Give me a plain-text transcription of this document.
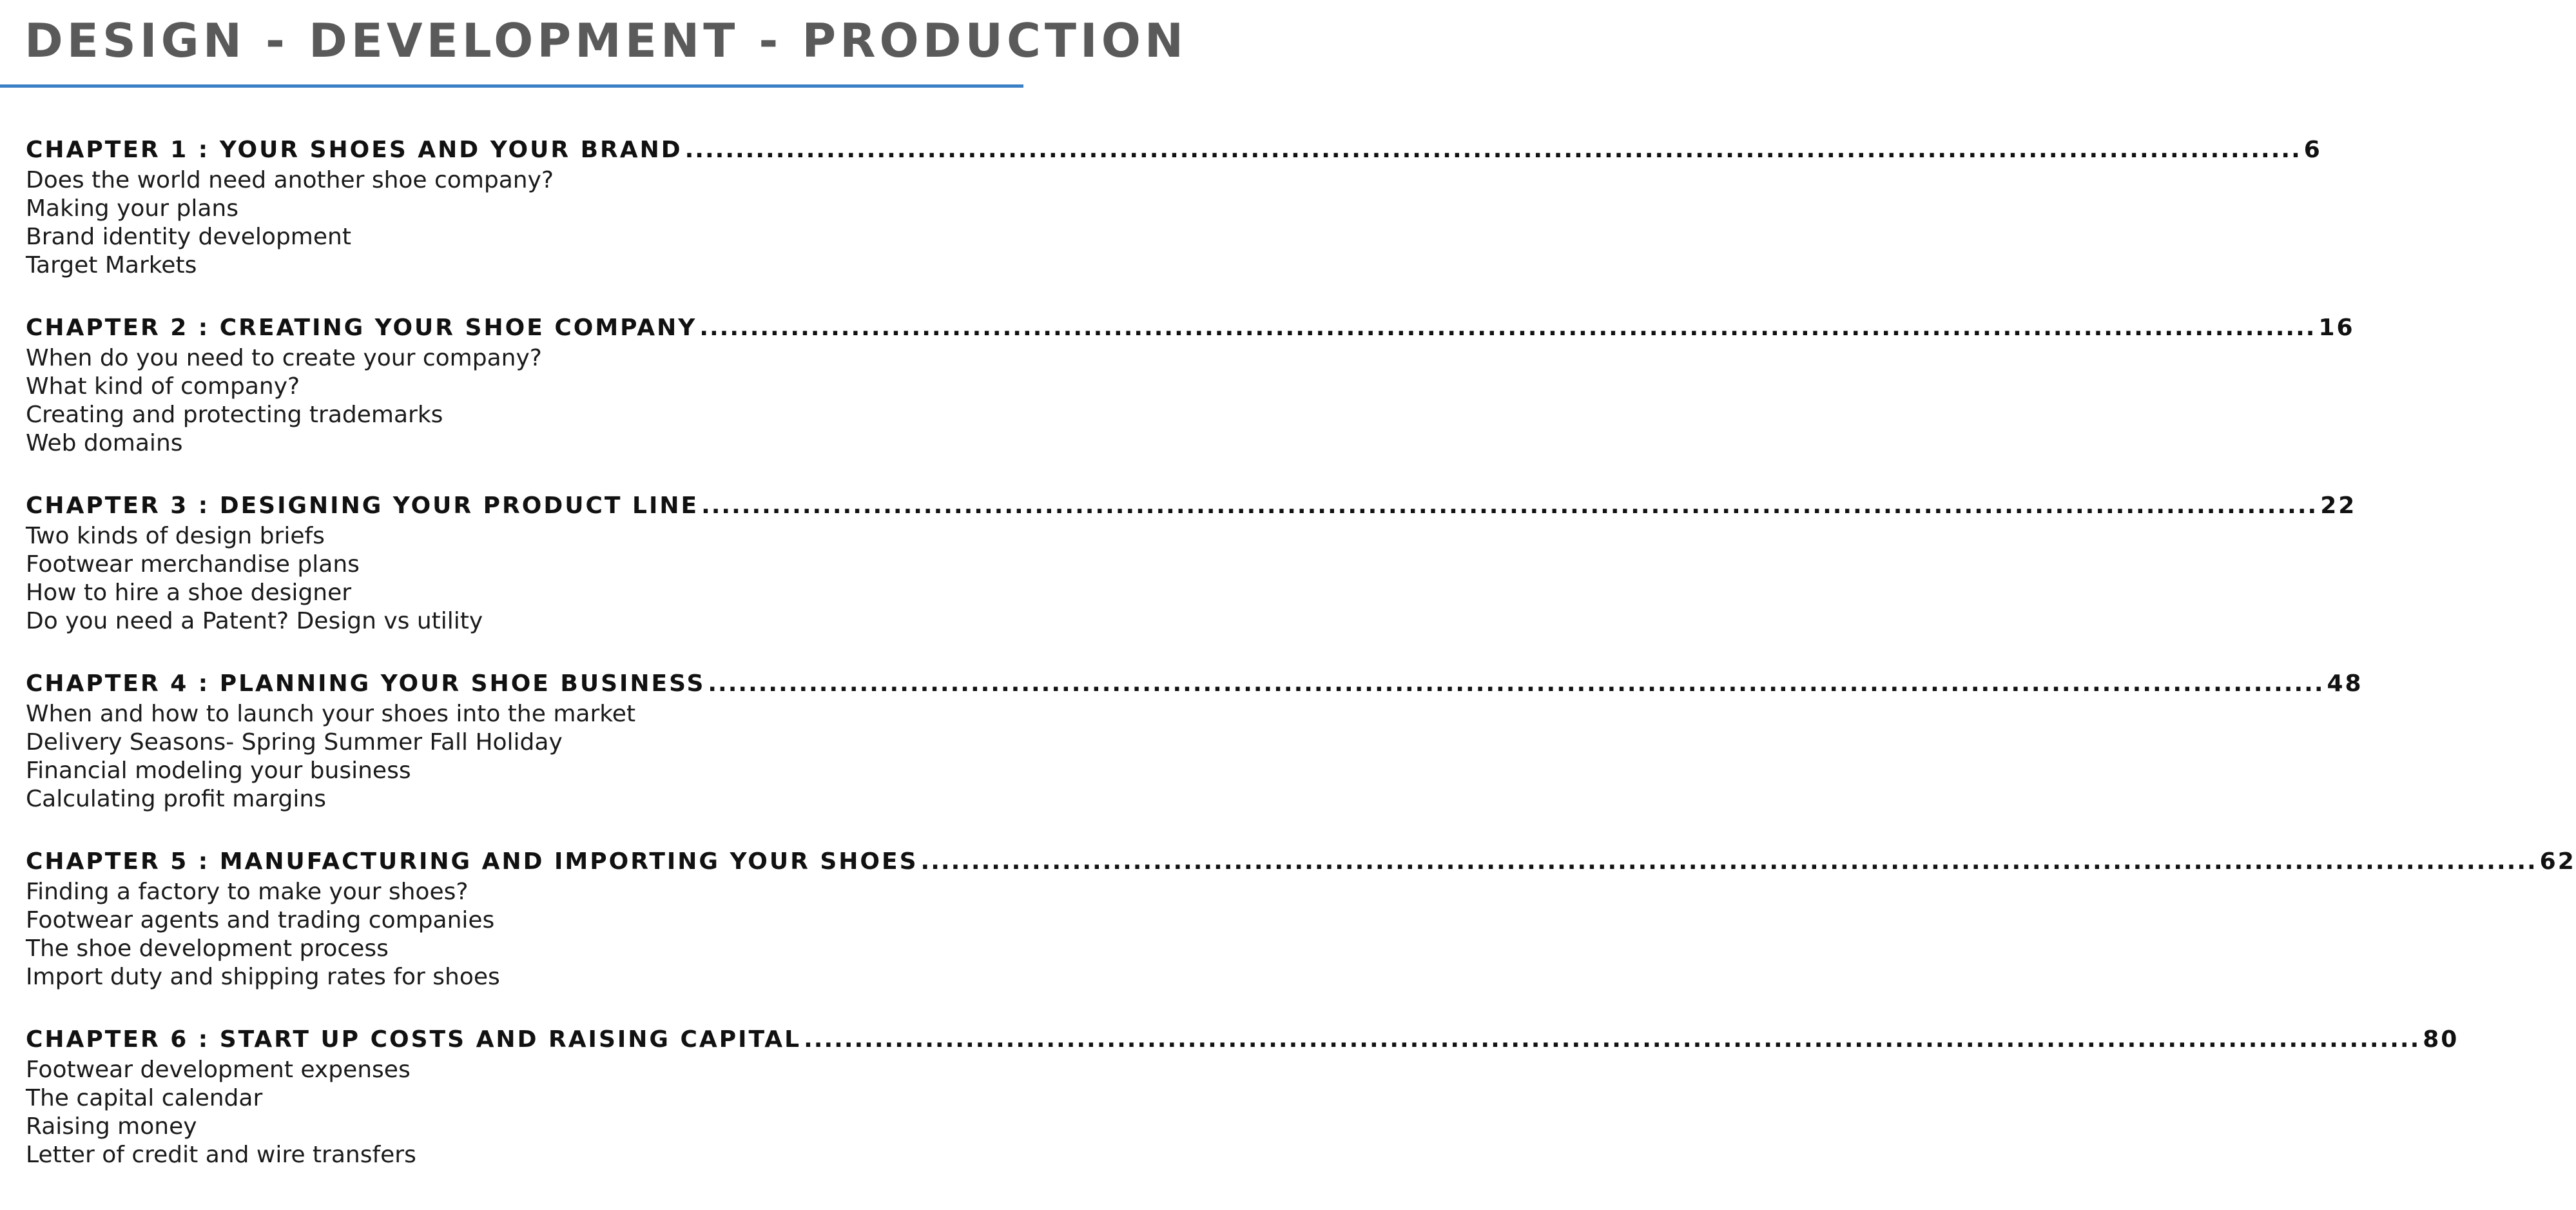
DESIGN - DEVELOPMENT - PRODUCTION
CHAPTER 1 : YOUR SHOES AND YOUR BRAND .....	6
Does the world need another shoe company?
Making your plans
Brand identity development
Target Markets
CHAPTER 2 : CREATING YOUR SHOE COMPANY .....	16
When do you need to create your company?
What kind of company?
Creating and protecting trademarks
Web domains
CHAPTER 3 : DESIGNING YOUR PRODUCT LINE .....	22
Two kinds of design briefs
Footwear merchandise plans
How to hire a shoe designer
Do you need a Patent? Design vs utility
CHAPTER 4 : PLANNING YOUR SHOE BUSINESS .....	48
When and how to launch your shoes into the market
Delivery Seasons- Spring Summer Fall Holiday
Financial modeling your business
Calculating profit margins
CHAPTER 5 : MANUFACTURING AND IMPORTING YOUR SHOES .....	62
Finding a factory to make your shoes?
Footwear agents and trading companies
The shoe development process
Import duty and shipping rates for shoes
CHAPTER 6 : START UP COSTS AND RAISING CAPITAL .....	80
Footwear development expenses
The capital calendar
Raising money
Letter of credit and wire transfers
